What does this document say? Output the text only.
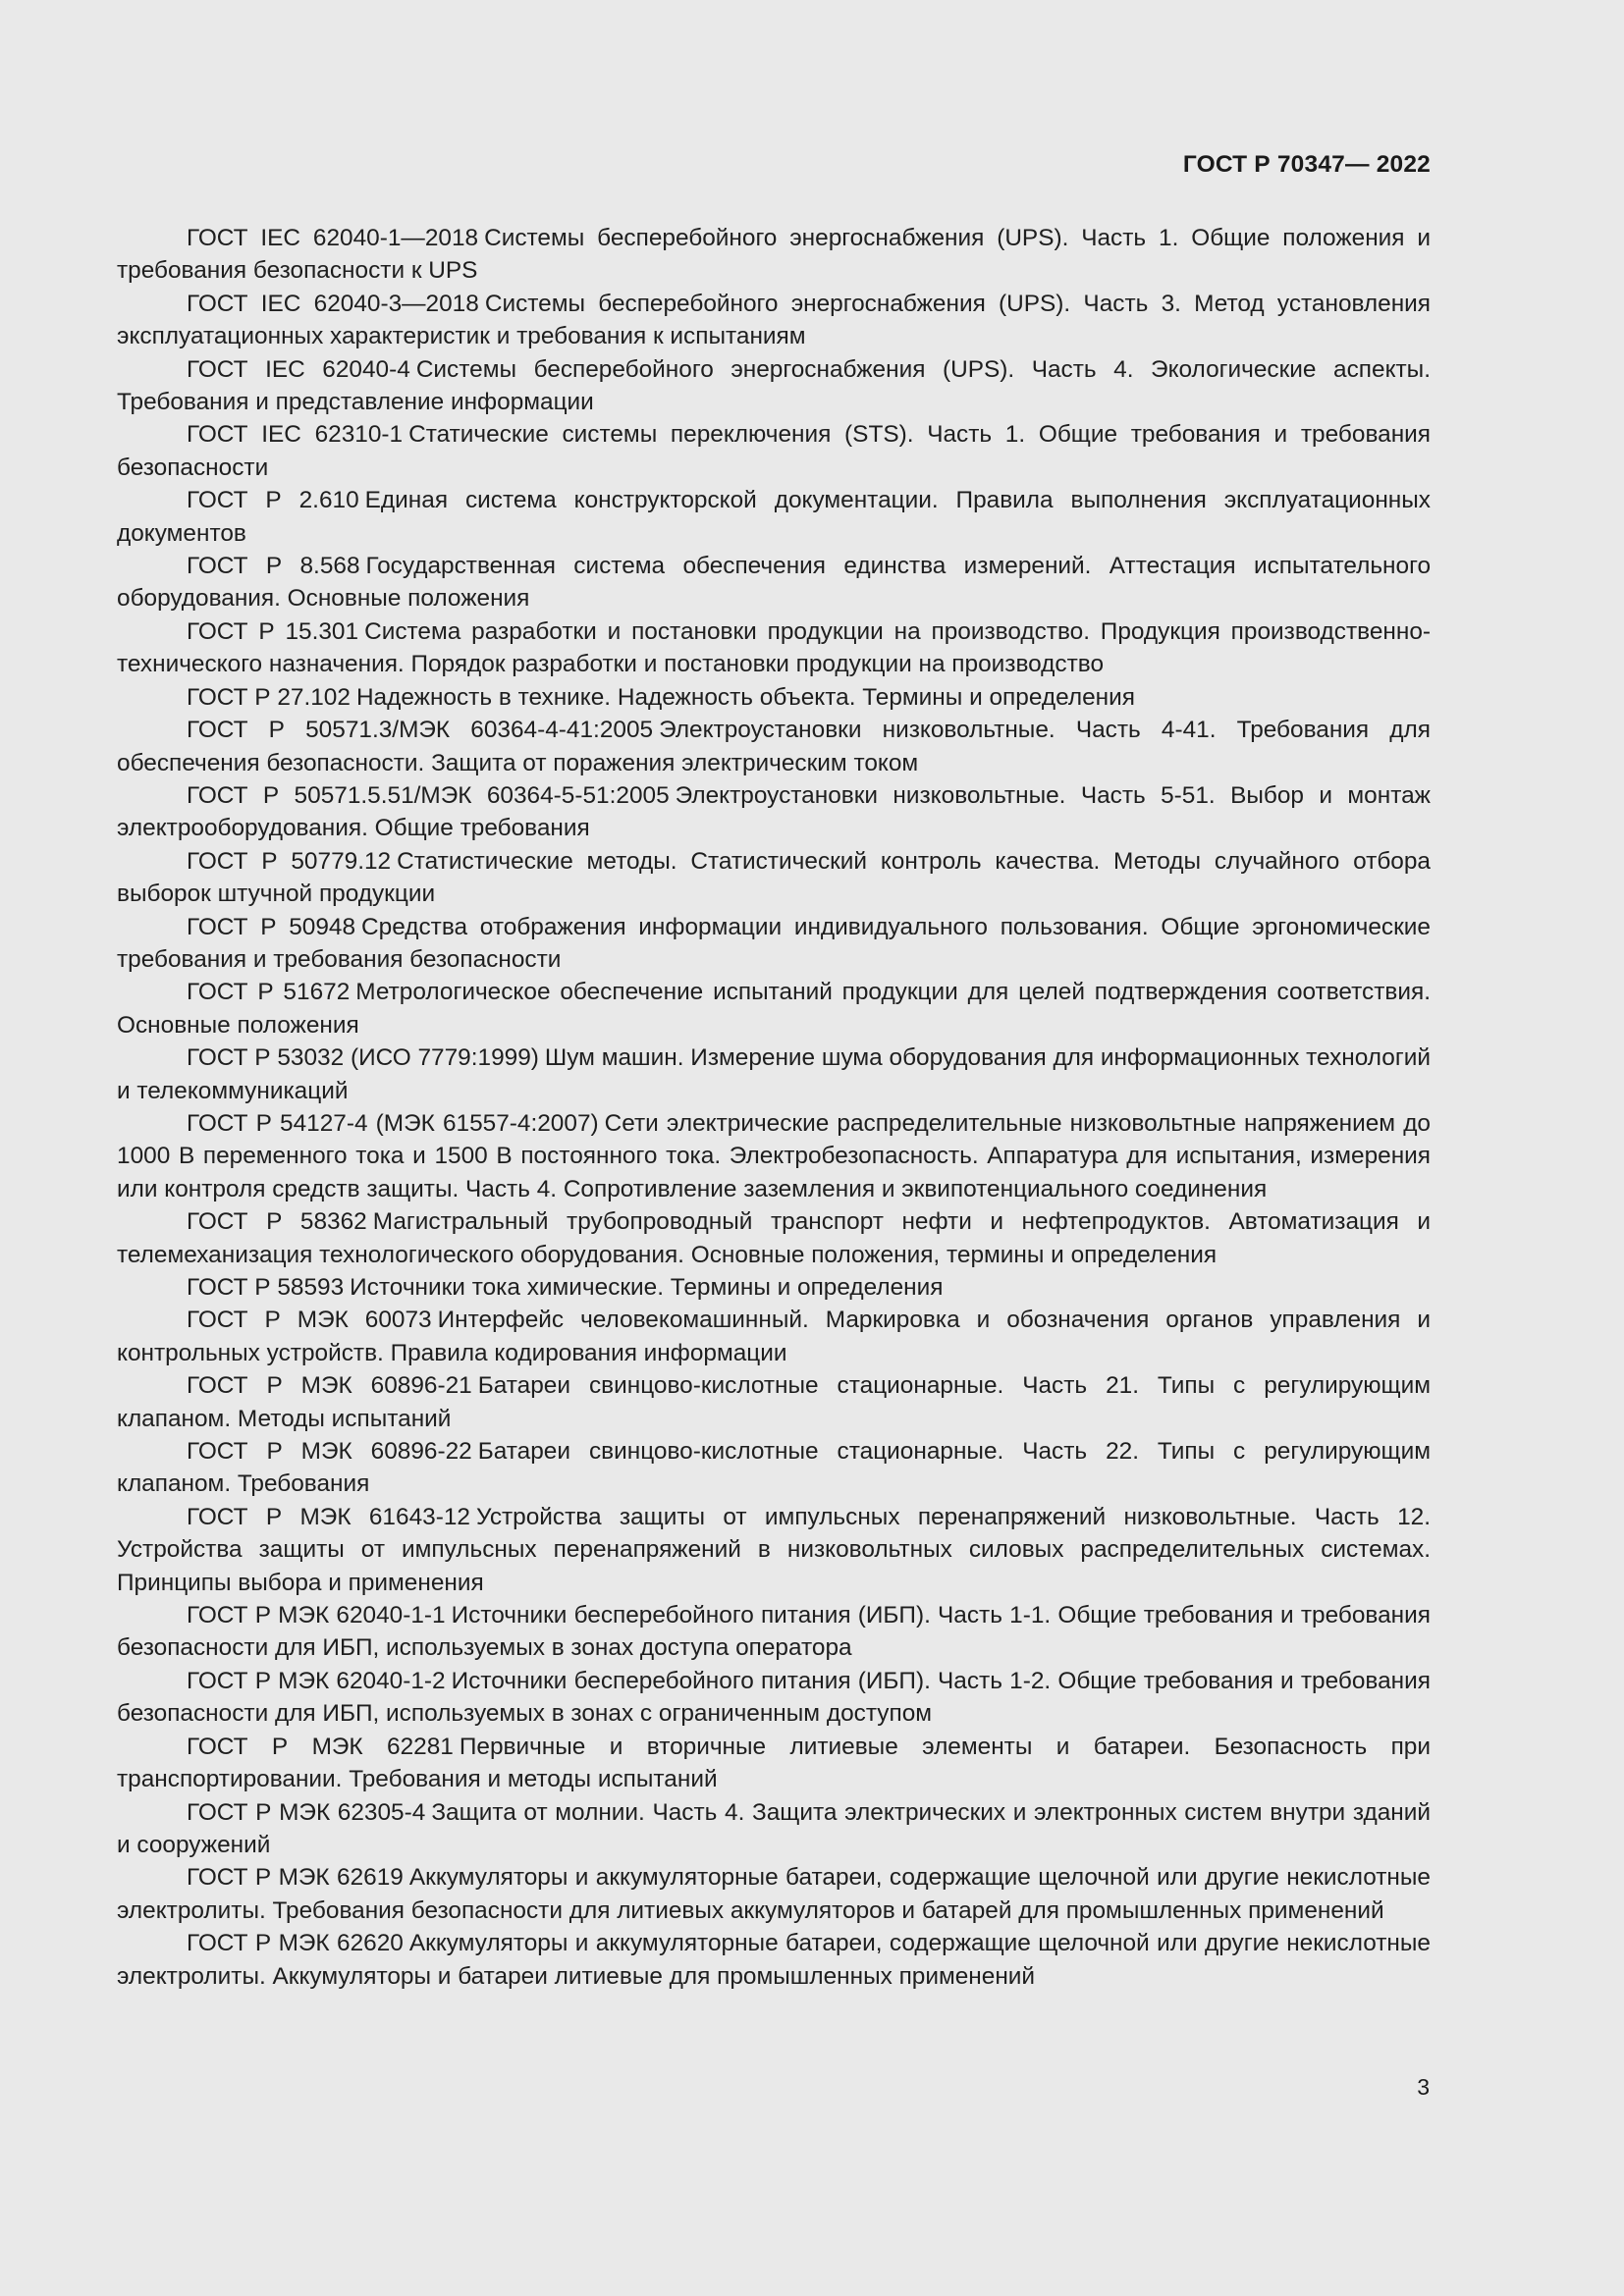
ГОСТ Р 70347— 2022
ГОСТ IEC 62040-1—2018 Системы бесперебойного энергоснабжения (UPS). Часть 1. Общие положения и требования безопасности к UPS
ГОСТ IEC 62040-3—2018 Системы бесперебойного энергоснабжения (UPS). Часть 3. Метод установления эксплуатационных характеристик и требования к испытаниям
ГОСТ IEC 62040-4 Системы бесперебойного энергоснабжения (UPS). Часть 4. Экологические аспекты. Требования и представление информации
ГОСТ IEC 62310-1 Статические системы переключения (STS). Часть 1. Общие требования и требования безопасности
ГОСТ Р 2.610 Единая система конструкторской документации. Правила выполнения эксплуатационных документов
ГОСТ Р 8.568 Государственная система обеспечения единства измерений. Аттестация испытательного оборудования. Основные положения
ГОСТ Р 15.301 Система разработки и постановки продукции на производство. Продукция производственно-технического назначения. Порядок разработки и постановки продукции на производство
ГОСТ Р 27.102 Надежность в технике. Надежность объекта. Термины и определения
ГОСТ Р 50571.3/МЭК 60364-4-41:2005 Электроустановки низковольтные. Часть 4-41. Требования для обеспечения безопасности. Защита от поражения электрическим током
ГОСТ Р 50571.5.51/МЭК 60364-5-51:2005 Электроустановки низковольтные. Часть 5-51. Выбор и монтаж электрооборудования. Общие требования
ГОСТ Р 50779.12 Статистические методы. Статистический контроль качества. Методы случайного отбора выборок штучной продукции
ГОСТ Р 50948 Средства отображения информации индивидуального пользования. Общие эргономические требования и требования безопасности
ГОСТ Р 51672 Метрологическое обеспечение испытаний продукции для целей подтверждения соответствия. Основные положения
ГОСТ Р 53032 (ИСО 7779:1999) Шум машин. Измерение шума оборудования для информационных технологий и телекоммуникаций
ГОСТ Р 54127-4 (МЭК 61557-4:2007) Сети электрические распределительные низковольтные напряжением до 1000 В переменного тока и 1500 В постоянного тока. Электробезопасность. Аппаратура для испытания, измерения или контроля средств защиты. Часть 4. Сопротивление заземления и эквипотенциального соединения
ГОСТ Р 58362 Магистральный трубопроводный транспорт нефти и нефтепродуктов. Автоматизация и телемеханизация технологического оборудования. Основные положения, термины и определения
ГОСТ Р 58593 Источники тока химические. Термины и определения
ГОСТ Р МЭК 60073 Интерфейс человекомашинный. Маркировка и обозначения органов управления и контрольных устройств. Правила кодирования информации
ГОСТ Р МЭК 60896-21 Батареи свинцово-кислотные стационарные. Часть 21. Типы с регулирующим клапаном. Методы испытаний
ГОСТ Р МЭК 60896-22 Батареи свинцово-кислотные стационарные. Часть 22. Типы с регулирующим клапаном. Требования
ГОСТ Р МЭК 61643-12 Устройства защиты от импульсных перенапряжений низковольтные. Часть 12. Устройства защиты от импульсных перенапряжений в низковольтных силовых распределительных системах. Принципы выбора и применения
ГОСТ Р МЭК 62040-1-1 Источники бесперебойного питания (ИБП). Часть 1-1. Общие требования и требования безопасности для ИБП, используемых в зонах доступа оператора
ГОСТ Р МЭК 62040-1-2 Источники бесперебойного питания (ИБП). Часть 1-2. Общие требования и требования безопасности для ИБП, используемых в зонах с ограниченным доступом
ГОСТ Р МЭК 62281 Первичные и вторичные литиевые элементы и батареи. Безопасность при транспортировании. Требования и методы испытаний
ГОСТ Р МЭК 62305-4 Защита от молнии. Часть 4. Защита электрических и электронных систем внутри зданий и сооружений
ГОСТ Р МЭК 62619 Аккумуляторы и аккумуляторные батареи, содержащие щелочной или другие некислотные электролиты. Требования безопасности для литиевых аккумуляторов и батарей для промышленных применений
ГОСТ Р МЭК 62620 Аккумуляторы и аккумуляторные батареи, содержащие щелочной или другие некислотные электролиты. Аккумуляторы и батареи литиевые для промышленных применений
3
